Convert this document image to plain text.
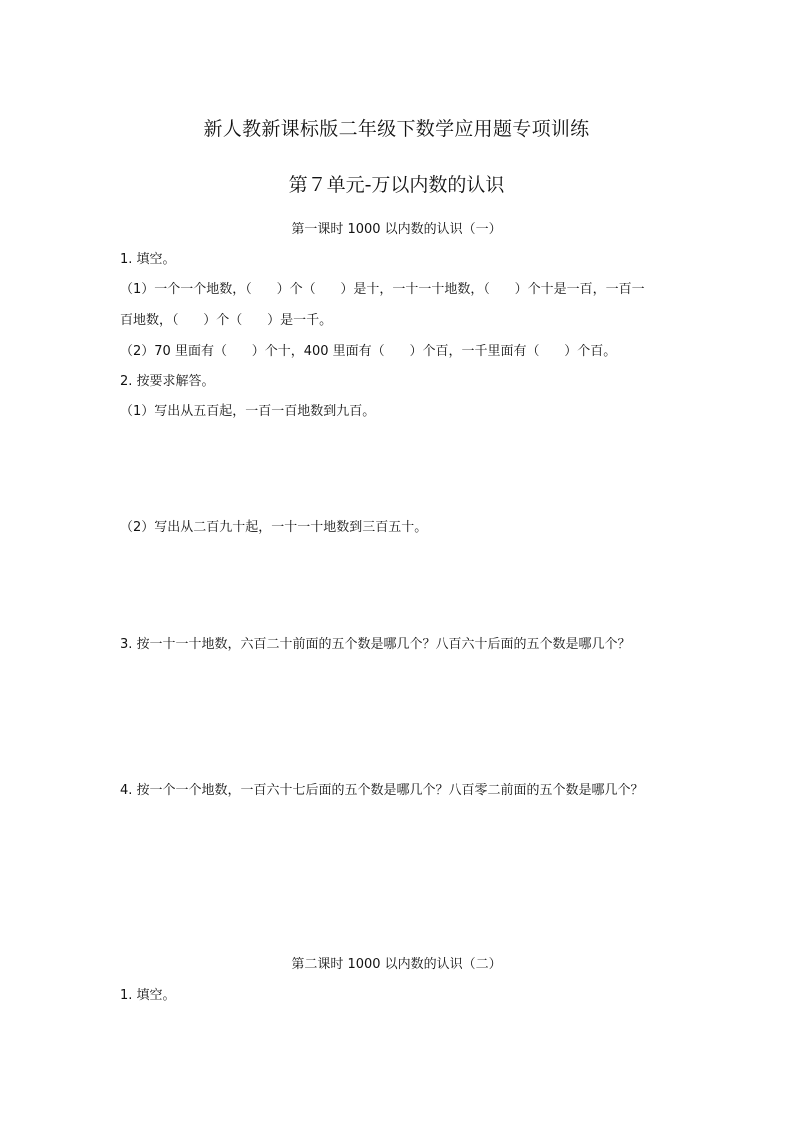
新人教新课标版二年级下数学应用题专项训练
第７单元-万以内数的认识
第一课时 1000 以内数的认识（一）
1. 填空。
（1）一个一个地数，（      ）个（      ）是十，一十一十地数，（      ）个十是一百，一百一
百地数，（      ）个（      ）是一千。
（2）70 里面有（      ）个十，400 里面有（      ）个百，一千里面有（      ）个百。
2. 按要求解答。
（1）写出从五百起，一百一百地数到九百。
（2）写出从二百九十起，一十一十地数到三百五十。
3. 按一十一十地数，六百二十前面的五个数是哪几个？八百六十后面的五个数是哪几个？
4. 按一个一个地数，一百六十七后面的五个数是哪几个？八百零二前面的五个数是哪几个？
第二课时 1000 以内数的认识（二）
1. 填空。
